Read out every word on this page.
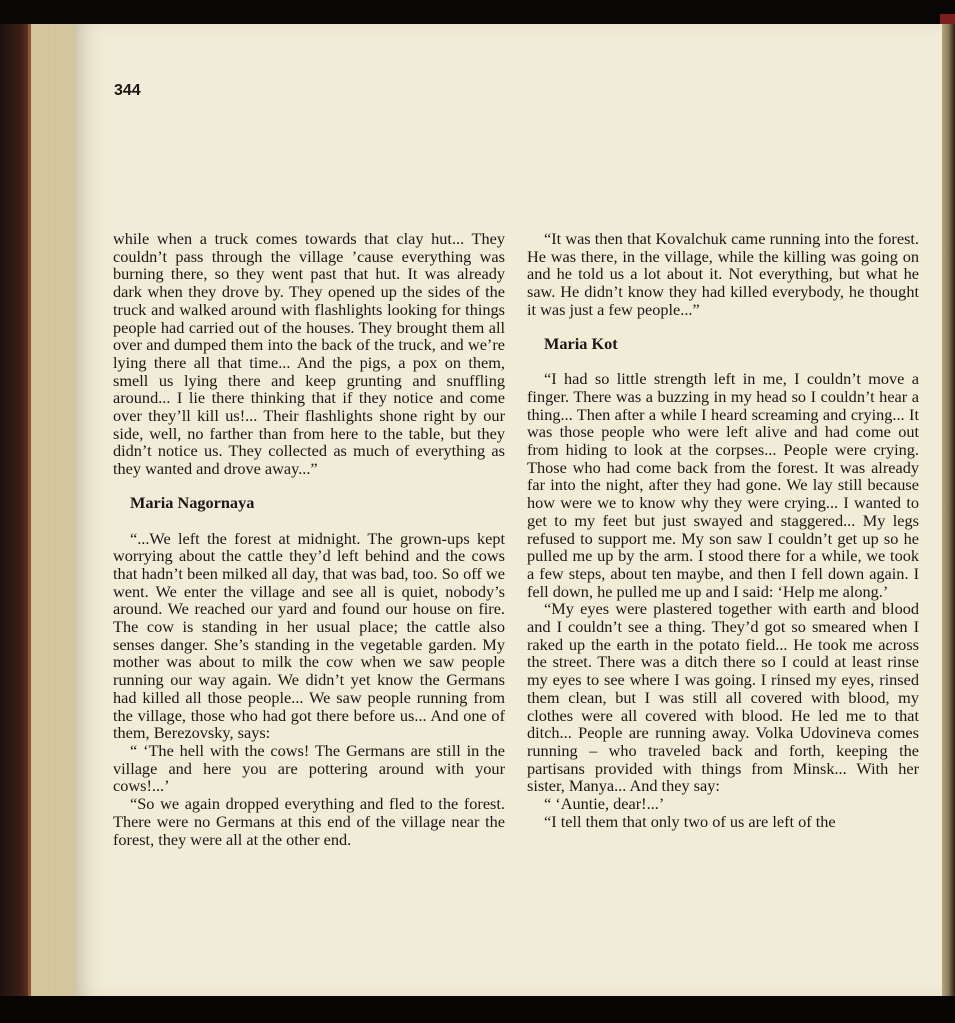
344

while when a truck comes towards that clay hut... They couldn’t pass through the village ’cause everything was burning there, so they went past that hut. It was already dark when they drove by. They opened up the sides of the truck and walked around with flashlights looking for things people had carried out of the houses. They brought them all over and dumped them into the back of the truck, and we’re lying there all that time... And the pigs, a pox on them, smell us lying there and keep grunting and snuffling around... I lie there thinking that if they notice and come over they’ll kill us!... Their flashlights shone right by our side, well, no farther than from here to the table, but they didn’t notice us. They collected as much of everything as they wanted and drove away...”

Maria Nagornaya

“...We left the forest at midnight. The grown-ups kept worrying about the cattle they’d left behind and the cows that hadn’t been milked all day, that was bad, too. So off we went. We enter the village and see all is quiet, nobody’s around. We reached our yard and found our house on fire. The cow is standing in her usual place; the cattle also senses danger. She’s standing in the vegetable garden. My mother was about to milk the cow when we saw people running our way again. We didn’t yet know the Germans had killed all those people... We saw people running from the village, those who had got there before us... And one of them, Berezovsky, says:

“ ‘The hell with the cows! The Germans are still in the village and here you are pottering around with your cows!...’

“So we again dropped everything and fled to the forest. There were no Germans at this end of the village near the forest, they were all at the other end.

“It was then that Kovalchuk came running into the forest. He was there, in the village, while the killing was going on and he told us a lot about it. Not everything, but what he saw. He didn’t know they had killed everybody, he thought it was just a few people...”

Maria Kot

“I had so little strength left in me, I couldn’t move a finger. There was a buzzing in my head so I couldn’t hear a thing... Then after a while I heard screaming and crying... It was those people who were left alive and had come out from hiding to look at the corpses... People were crying. Those who had come back from the forest. It was already far into the night, after they had gone. We lay still because how were we to know why they were crying... I wanted to get to my feet but just swayed and staggered... My legs refused to support me. My son saw I couldn’t get up so he pulled me up by the arm. I stood there for a while, we took a few steps, about ten maybe, and then I fell down again. I fell down, he pulled me up and I said: ‘Help me along.’

“My eyes were plastered together with earth and blood and I couldn’t see a thing. They’d got so smeared when I raked up the earth in the potato field... He took me across the street. There was a ditch there so I could at least rinse my eyes to see where I was going. I rinsed my eyes, rinsed them clean, but I was still all covered with blood, my clothes were all covered with blood. He led me to that ditch... People are running away. Volka Udovineva comes running – who traveled back and forth, keeping the partisans provided with things from Minsk... With her sister, Manya... And they say:

“ ‘Auntie, dear!...’

“I tell them that only two of us are left of the
